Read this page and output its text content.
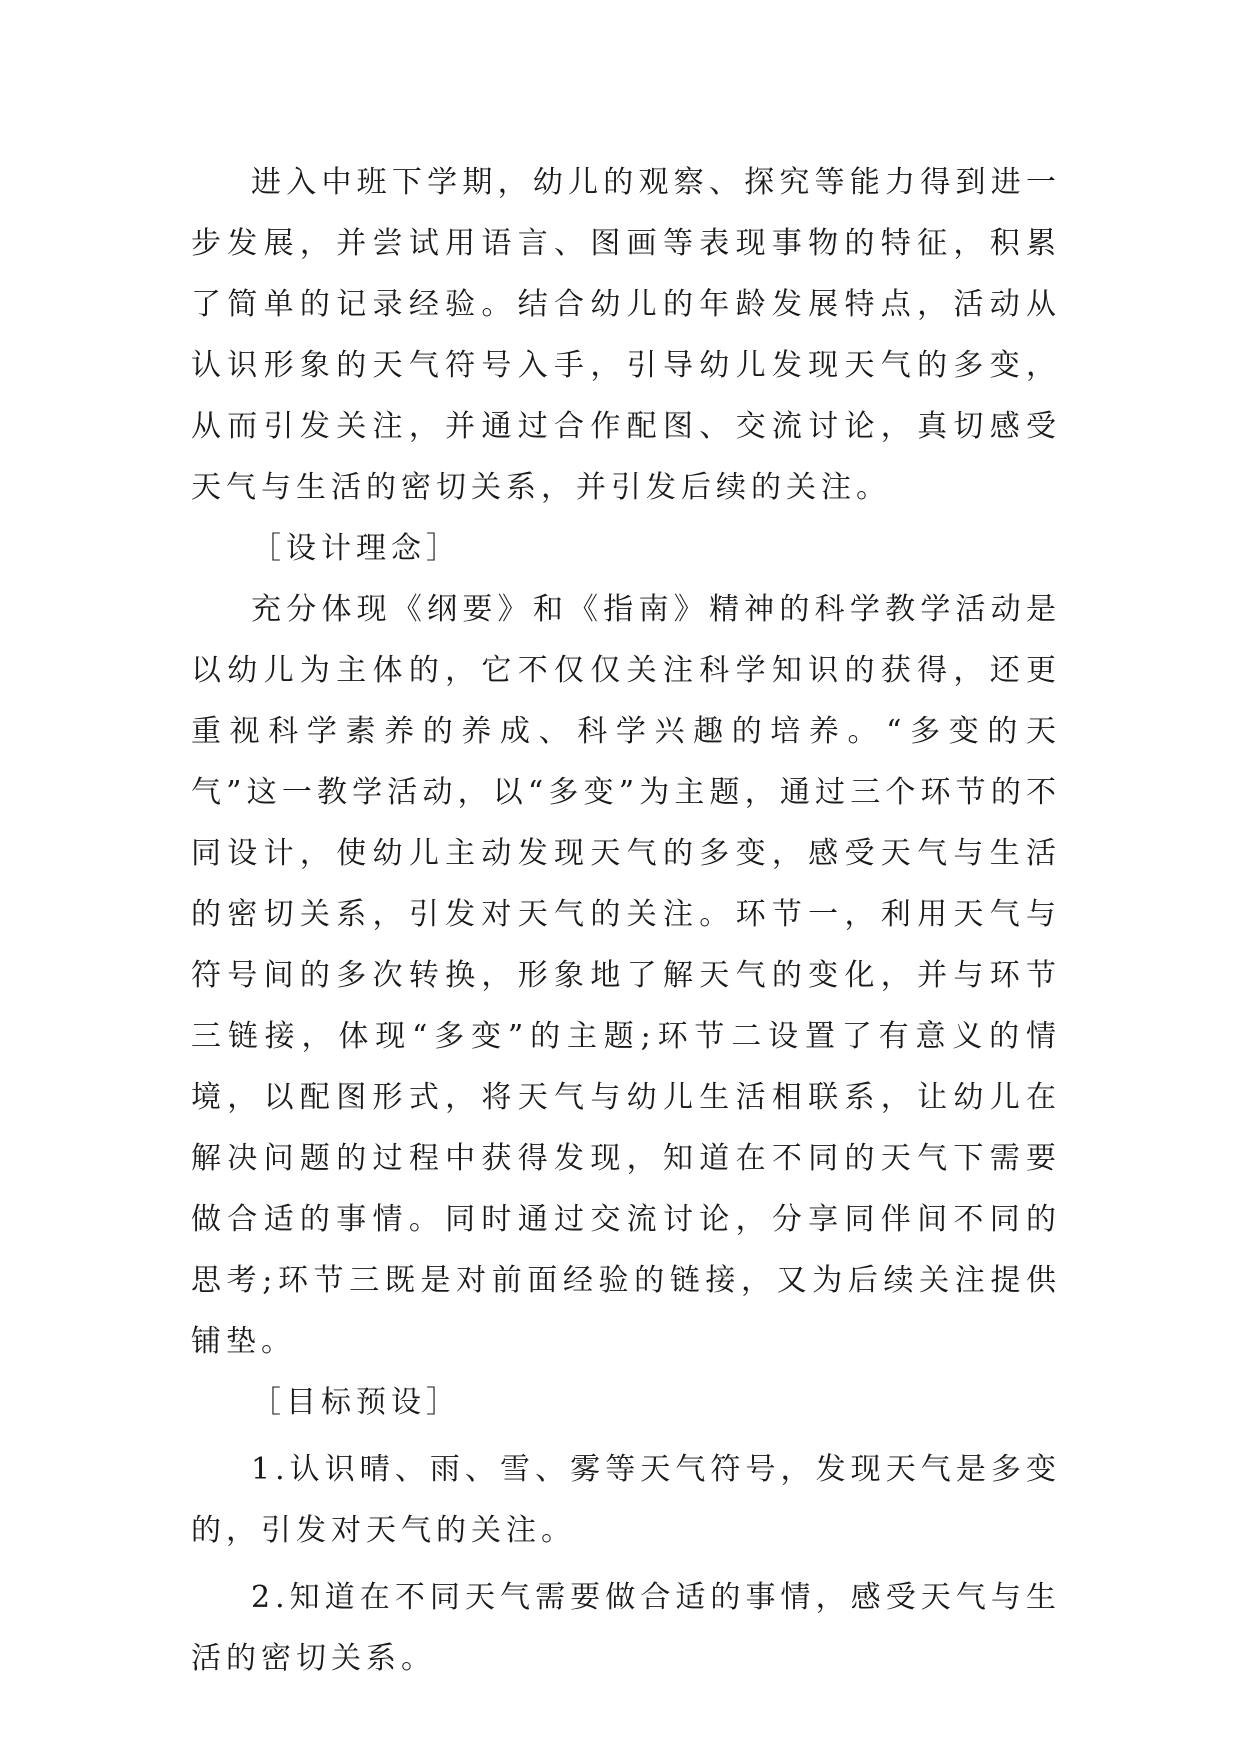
进入中班下学期，幼儿的观察、探究等能力得到进一步发展，并尝试用语言、图画等表现事物的特征，积累了简单的记录经验。结合幼儿的年龄发展特点，活动从认识形象的天气符号入手，引导幼儿发现天气的多变，从而引发关注，并通过合作配图、交流讨论，真切感受天气与生活的密切关系，并引发后续的关注。

［设计理念］

充分体现《纲要》和《指南》精神的科学教学活动是以幼儿为主体的，它不仅仅关注科学知识的获得，还更重视科学素养的养成、科学兴趣的培养。“多变的天气”这一教学活动，以“多变”为主题，通过三个环节的不同设计，使幼儿主动发现天气的多变，感受天气与生活的密切关系，引发对天气的关注。环节一，利用天气与符号间的多次转换，形象地了解天气的变化，并与环节三链接，体现“多变”的主题;环节二设置了有意义的情境，以配图形式，将天气与幼儿生活相联系，让幼儿在解决问题的过程中获得发现，知道在不同的天气下需要做合适的事情。同时通过交流讨论，分享同伴间不同的思考;环节三既是对前面经验的链接，又为后续关注提供铺垫。

［目标预设］

1.认识晴、雨、雪、雾等天气符号，发现天气是多变的，引发对天气的关注。

2.知道在不同天气需要做合适的事情，感受天气与生活的密切关系。
